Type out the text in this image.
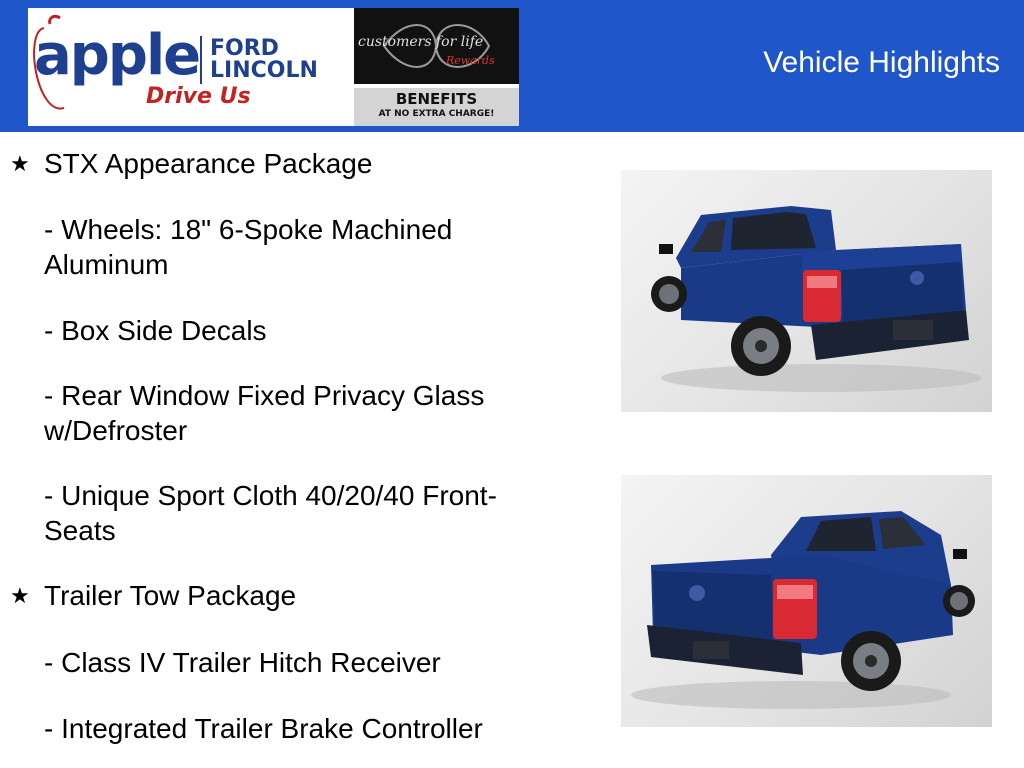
apple FORD
LINCOLN
Drive Us
customers for life
Rewards
BENEFITS
AT NO EXTRA CHARGE!
Vehicle Highlights
★ STX Appearance Package
- Wheels: 18" 6-Spoke Machined
Aluminum
- Box Side Decals
- Rear Window Fixed Privacy Glass
w/Defroster
- Unique Sport Cloth 40/20/40 Front-
Seats
★ Trailer Tow Package
- Class IV Trailer Hitch Receiver
- Integrated Trailer Brake Controller
